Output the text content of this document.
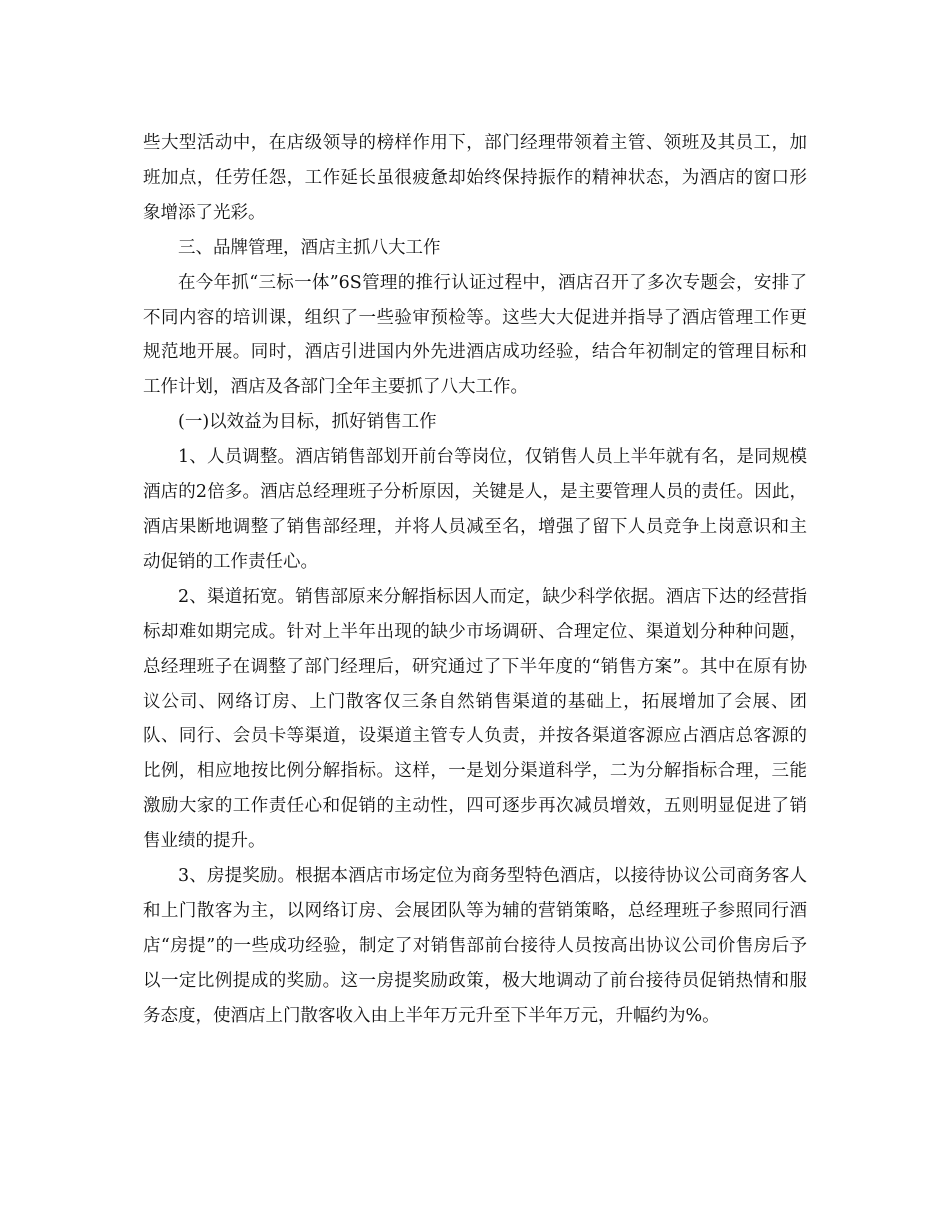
些大型活动中，在店级领导的榜样作用下，部门经理带领着主管、领班及其员工，加班加点，任劳任怨，工作延长虽很疲惫却始终保持振作的精神状态，为酒店的窗口形象增添了光彩。

三、品牌管理，酒店主抓八大工作

在今年抓“三标一体”6S管理的推行认证过程中，酒店召开了多次专题会，安排了不同内容的培训课，组织了一些验审预检等。这些大大促进并指导了酒店管理工作更规范地开展。同时，酒店引进国内外先进酒店成功经验，结合年初制定的管理目标和工作计划，酒店及各部门全年主要抓了八大工作。

(一)以效益为目标，抓好销售工作

1、人员调整。酒店销售部划开前台等岗位，仅销售人员上半年就有名，是同规模酒店的2倍多。酒店总经理班子分析原因，关键是人，是主要管理人员的责任。因此，酒店果断地调整了销售部经理，并将人员减至名，增强了留下人员竞争上岗意识和主动促销的工作责任心。

2、渠道拓宽。销售部原来分解指标因人而定，缺少科学依据。酒店下达的经营指标却难如期完成。针对上半年出现的缺少市场调研、合理定位、渠道划分种种问题，总经理班子在调整了部门经理后，研究通过了下半年度的“销售方案”。其中在原有协议公司、网络订房、上门散客仅三条自然销售渠道的基础上，拓展增加了会展、团队、同行、会员卡等渠道，设渠道主管专人负责，并按各渠道客源应占酒店总客源的比例，相应地按比例分解指标。这样，一是划分渠道科学，二为分解指标合理，三能激励大家的工作责任心和促销的主动性，四可逐步再次减员增效，五则明显促进了销售业绩的提升。

3、房提奖励。根据本酒店市场定位为商务型特色酒店，以接待协议公司商务客人和上门散客为主，以网络订房、会展团队等为辅的营销策略，总经理班子参照同行酒店“房提”的一些成功经验，制定了对销售部前台接待人员按高出协议公司价售房后予以一定比例提成的奖励。这一房提奖励政策，极大地调动了前台接待员促销热情和服务态度，使酒店上门散客收入由上半年万元升至下半年万元，升幅约为%。
